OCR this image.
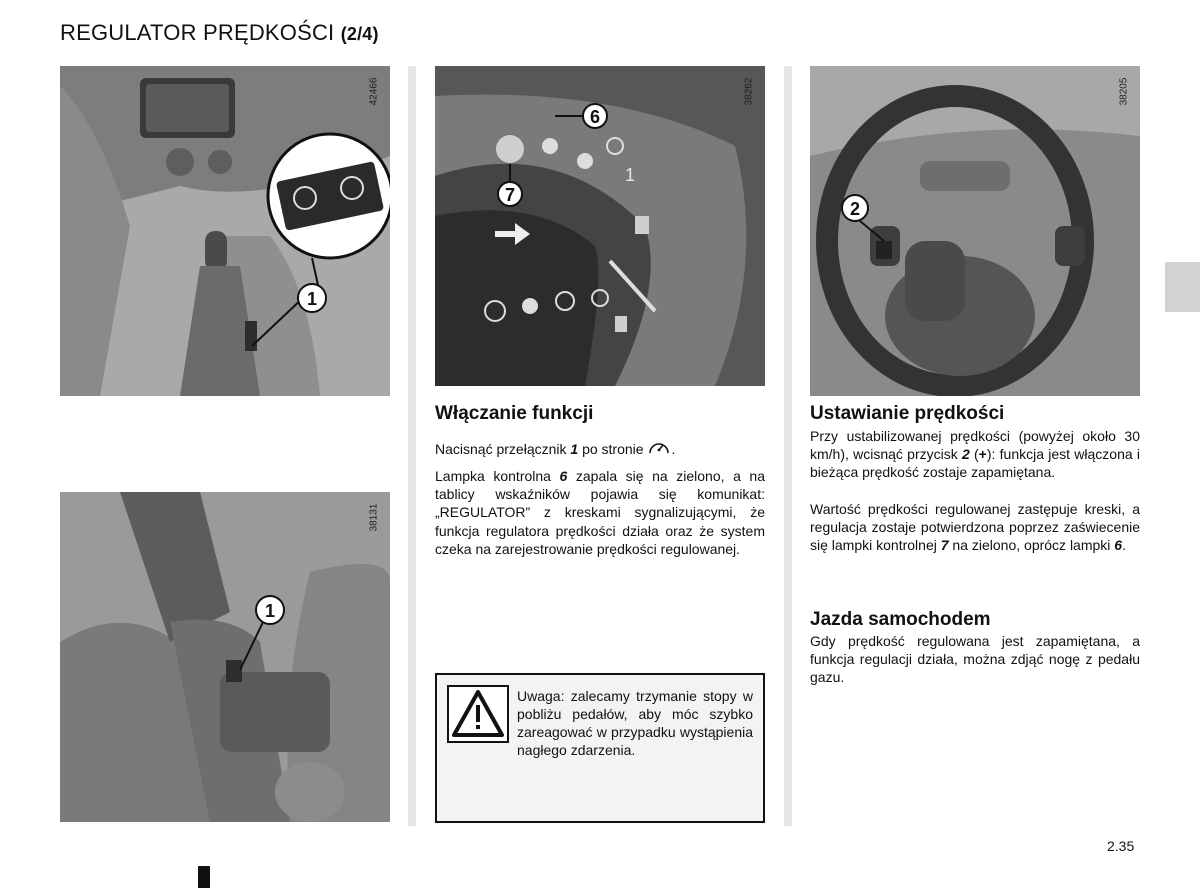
REGULATOR PRĘDKOŚCI (2/4)
1
42466
1
38131
1
6
7
38262
2
38205
Włączanie funkcji

Nacisnąć przełącznik 1 po stronie .

Lampka kontrolna 6 zapala się na zielono, a na tablicy wskaźników pojawia się komunikat: „REGULATOR” z kreskami sygnalizującymi, że funkcja regulatora prędkości działa oraz że system czeka na zarejestrowanie prędkości regulowanej.

Uwaga: zalecamy trzymanie stopy w pobliżu pedałów, aby móc szybko zareagować w przypadku wystąpienia nagłego zdarzenia.
Ustawianie prędkości

Przy ustabilizowanej prędkości (powyżej około 30 km/h), wcisnąć przycisk 2 (+): funkcja jest włączona i bieżąca prędkość zostaje zapamiętana.

Wartość prędkości regulowanej zastępuje kreski, a regulacja zostaje potwierdzona poprzez zaświecenie się lampki kontrolnej 7 na zielono, oprócz lampki 6.

Jazda samochodem

Gdy prędkość regulowana jest zapamiętana, a funkcja regulacji działa, można zdjąć nogę z pedału gazu.

2.35
